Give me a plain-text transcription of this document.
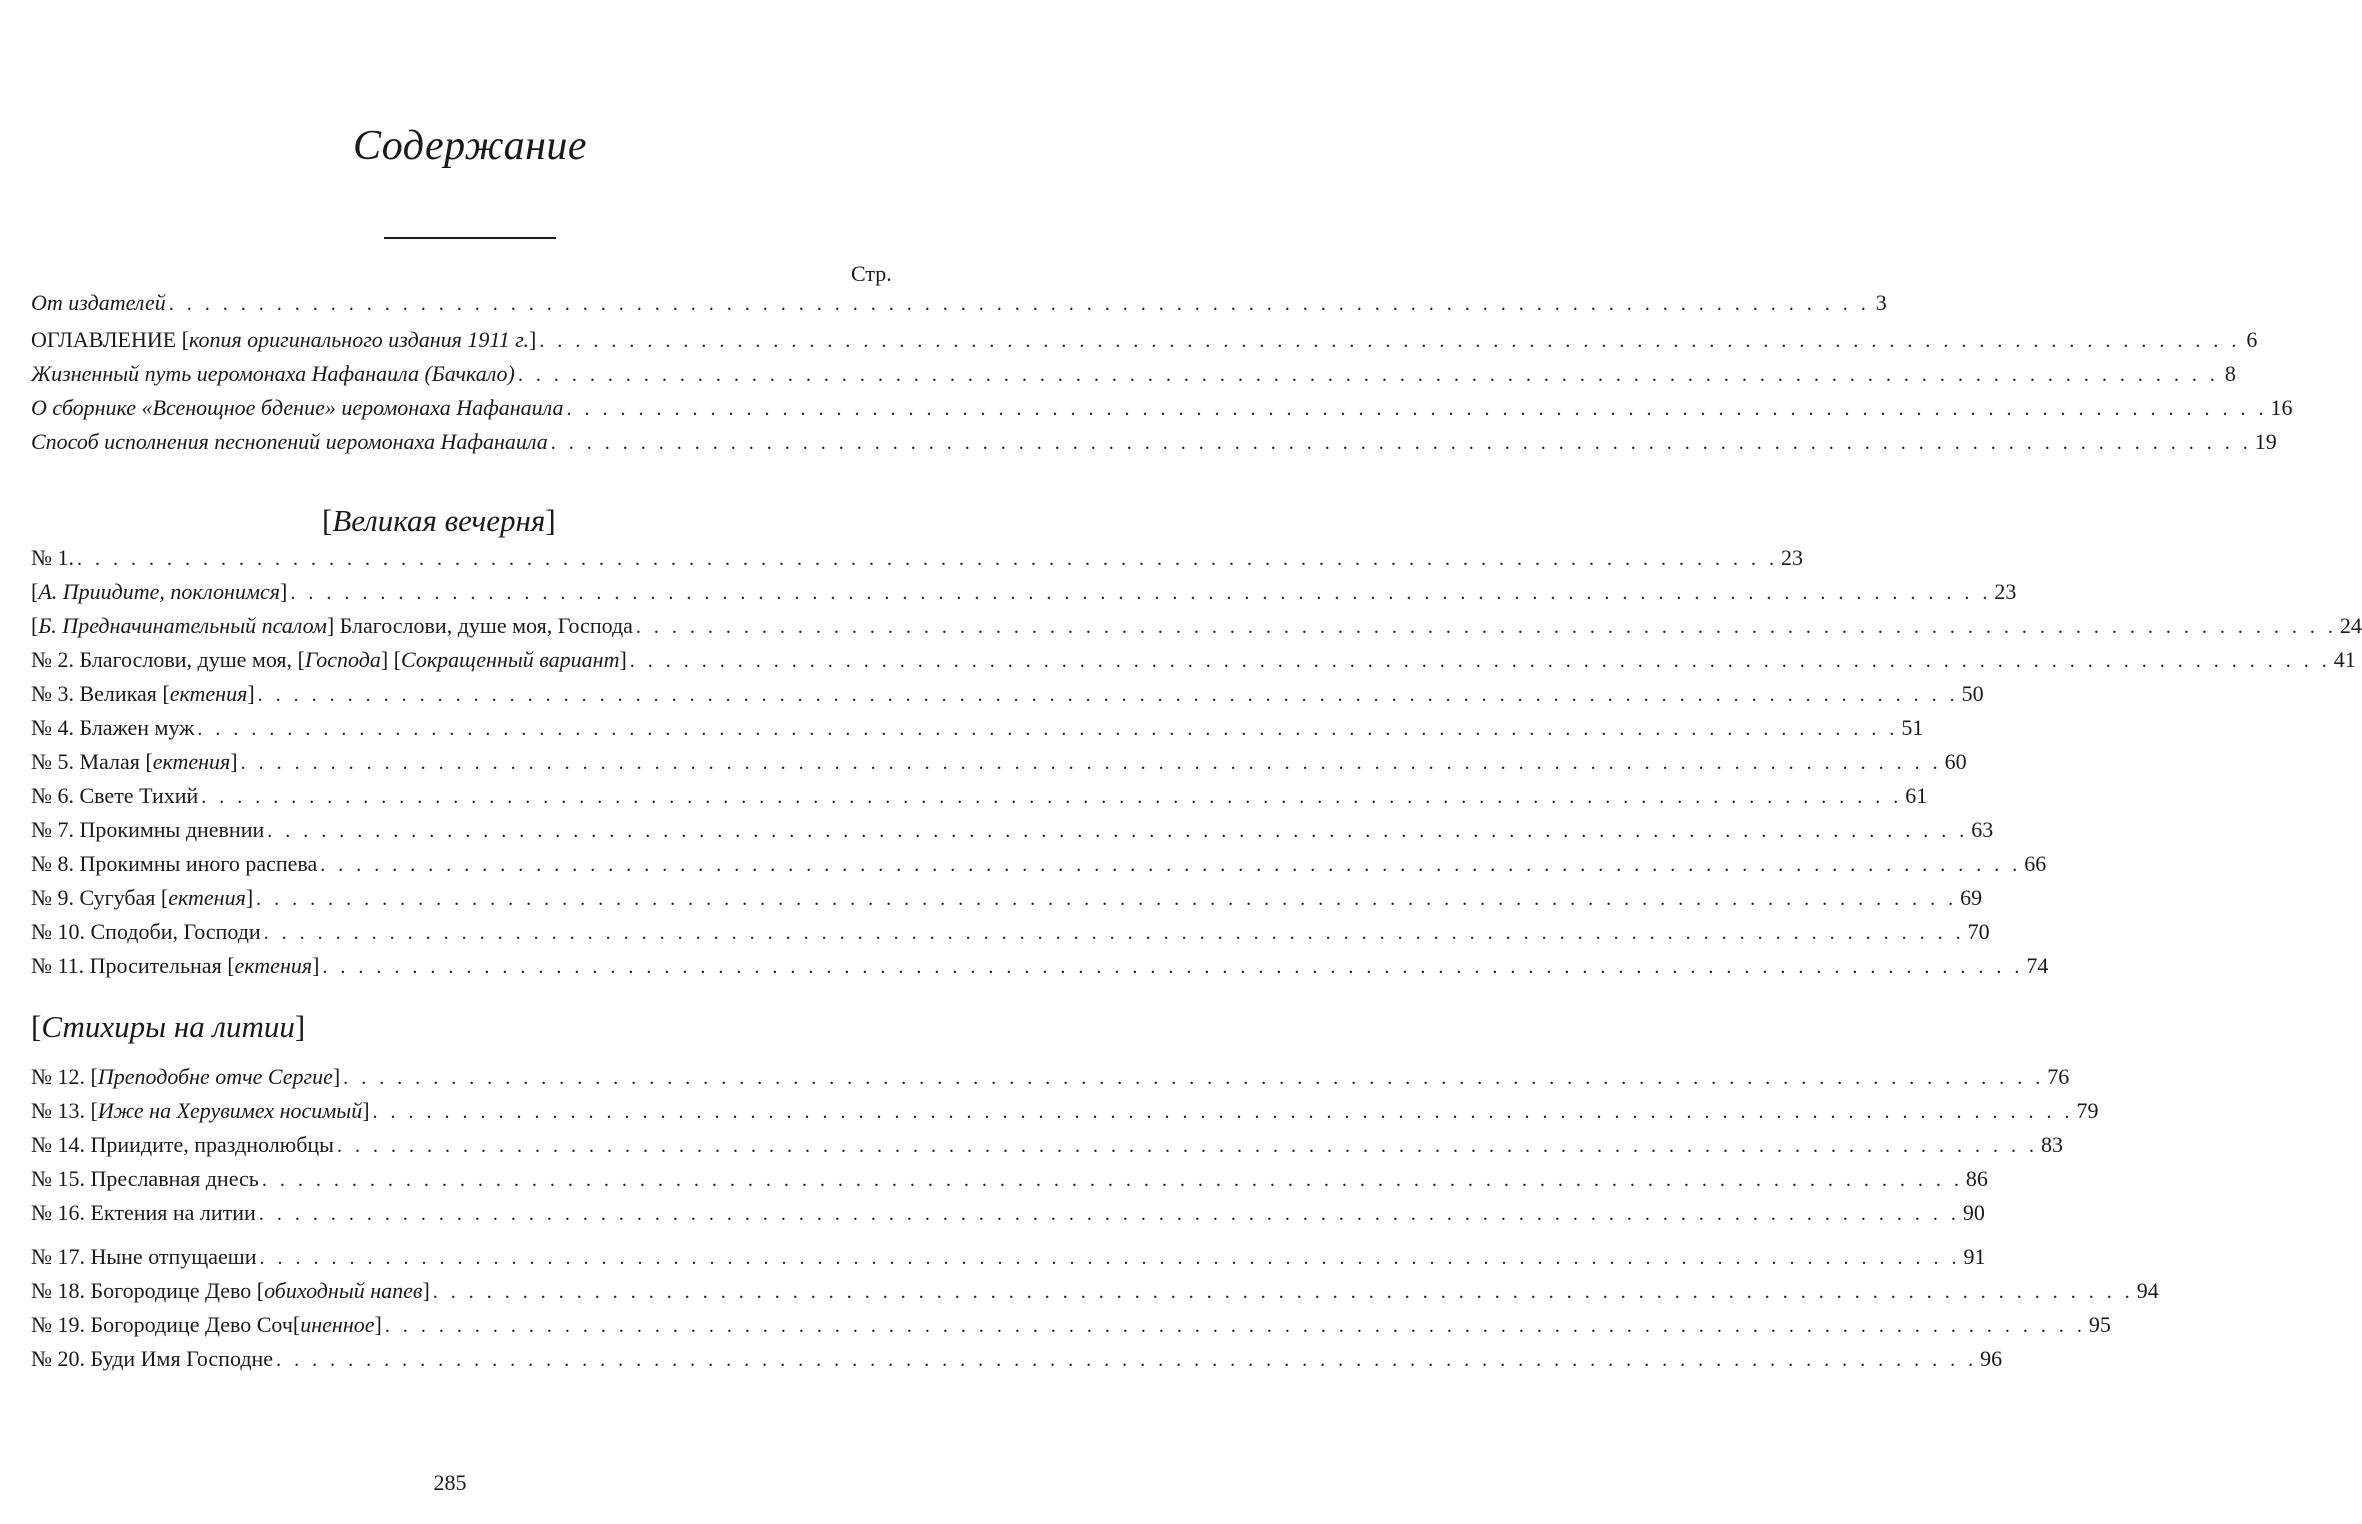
Содержание
Стр.
От издателей . . . . . . . . . . . . . . . . . . . . . . . . . . . . . . . . . . . . . . . . . . . . . . . . . . . . . . . . . . . . . . . . . . . . . . . . . . . . . . . . . . . . . . . . . . . . . . . 3
ОГЛАВЛЕНИЕ [копия оригинального издания 1911 г.] . . . . . . . . . . . . . . . . . . . . . . . . . . . . . . . . . . . . . . . . . . . . . . . . . . . . . . . . . . . . . . . . . . . . . . . . . . . . . . . . . . . . . . . . . . . . . . . 6
Жизненный путь иеромонаха Нафанаила (Бачкало) . . . . . . . . . . . . . . . . . . . . . . . . . . . . . . . . . . . . . . . . . . . . . . . . . . . . . . . . . . . . . . . . . . . . . . . . . . . . . . . . . . . . . . . . . . . . . . . 8
О сборнике «Всенощное бдение» иеромонаха Нафанаила . . . . . . . . . . . . . . . . . . . . . . . . . . . . . . . . . . . . . . . . . . . . . . . . . . . . . . . . . . . . . . . . . . . . . . . . . . . . . . . . . . . . . . . . . . . . . . . 16
Способ исполнения песнопений иеромонаха Нафанаила . . . . . . . . . . . . . . . . . . . . . . . . . . . . . . . . . . . . . . . . . . . . . . . . . . . . . . . . . . . . . . . . . . . . . . . . . . . . . . . . . . . . . . . . . . . . . . . 19
[Великая вечерня]
№ 1. . . . . . . . . . . . . . . . . . . . . . . . . . . . . . . . . . . . . . . . . . . . . . . . . . . . . . . . . . . . . . . . . . . . . . . . . . . . . . . . . . . . . . . . . . . . . . . . 23
[А. Приидите, поклонимся] . . . . . . . . . . . . . . . . . . . . . . . . . . . . . . . . . . . . . . . . . . . . . . . . . . . . . . . . . . . . . . . . . . . . . . . . . . . . . . . . . . . . . . . . . . . . . . . 23
[Б. Предначинательный псалом] Благослови, душе моя, Господа . . . . . . . . . . . . . . . . . . . . . . . . . . . . . . . . . . . . . . . . . . . . . . . . . . . . . . . . . . . . . . . . . . . . . . . . . . . . . . . . . . . . . . . . . . . . . . . 24
№ 2. Благослови, душе моя, [Господа] [Сокращенный вариант] . . . . . . . . . . . . . . . . . . . . . . . . . . . . . . . . . . . . . . . . . . . . . . . . . . . . . . . . . . . . . . . . . . . . . . . . . . . . . . . . . . . . . . . . . . . . . . . 41
№ 3. Великая [ектения] . . . . . . . . . . . . . . . . . . . . . . . . . . . . . . . . . . . . . . . . . . . . . . . . . . . . . . . . . . . . . . . . . . . . . . . . . . . . . . . . . . . . . . . . . . . . . . . 50
№ 4. Блажен муж . . . . . . . . . . . . . . . . . . . . . . . . . . . . . . . . . . . . . . . . . . . . . . . . . . . . . . . . . . . . . . . . . . . . . . . . . . . . . . . . . . . . . . . . . . . . . . . 51
№ 5. Малая [ектения] . . . . . . . . . . . . . . . . . . . . . . . . . . . . . . . . . . . . . . . . . . . . . . . . . . . . . . . . . . . . . . . . . . . . . . . . . . . . . . . . . . . . . . . . . . . . . . . 60
№ 6. Свете Тихий . . . . . . . . . . . . . . . . . . . . . . . . . . . . . . . . . . . . . . . . . . . . . . . . . . . . . . . . . . . . . . . . . . . . . . . . . . . . . . . . . . . . . . . . . . . . . . . 61
№ 7. Прокимны дневнии . . . . . . . . . . . . . . . . . . . . . . . . . . . . . . . . . . . . . . . . . . . . . . . . . . . . . . . . . . . . . . . . . . . . . . . . . . . . . . . . . . . . . . . . . . . . . . . 63
№ 8. Прокимны иного распева . . . . . . . . . . . . . . . . . . . . . . . . . . . . . . . . . . . . . . . . . . . . . . . . . . . . . . . . . . . . . . . . . . . . . . . . . . . . . . . . . . . . . . . . . . . . . . . 66
№ 9. Сугубая [ектения] . . . . . . . . . . . . . . . . . . . . . . . . . . . . . . . . . . . . . . . . . . . . . . . . . . . . . . . . . . . . . . . . . . . . . . . . . . . . . . . . . . . . . . . . . . . . . . . 69
№ 10. Сподоби, Господи . . . . . . . . . . . . . . . . . . . . . . . . . . . . . . . . . . . . . . . . . . . . . . . . . . . . . . . . . . . . . . . . . . . . . . . . . . . . . . . . . . . . . . . . . . . . . . . 70
№ 11. Просительная [ектения] . . . . . . . . . . . . . . . . . . . . . . . . . . . . . . . . . . . . . . . . . . . . . . . . . . . . . . . . . . . . . . . . . . . . . . . . . . . . . . . . . . . . . . . . . . . . . . . 74
[Стихиры на литии]
№ 12. [Преподобне отче Сергие] . . . . . . . . . . . . . . . . . . . . . . . . . . . . . . . . . . . . . . . . . . . . . . . . . . . . . . . . . . . . . . . . . . . . . . . . . . . . . . . . . . . . . . . . . . . . . . . 76
№ 13. [Иже на Херувимех носимый] . . . . . . . . . . . . . . . . . . . . . . . . . . . . . . . . . . . . . . . . . . . . . . . . . . . . . . . . . . . . . . . . . . . . . . . . . . . . . . . . . . . . . . . . . . . . . . . 79
№ 14. Приидите, празднолюбцы . . . . . . . . . . . . . . . . . . . . . . . . . . . . . . . . . . . . . . . . . . . . . . . . . . . . . . . . . . . . . . . . . . . . . . . . . . . . . . . . . . . . . . . . . . . . . . . 83
№ 15. Преславная днесь . . . . . . . . . . . . . . . . . . . . . . . . . . . . . . . . . . . . . . . . . . . . . . . . . . . . . . . . . . . . . . . . . . . . . . . . . . . . . . . . . . . . . . . . . . . . . . . 86
№ 16. Ектения на литии . . . . . . . . . . . . . . . . . . . . . . . . . . . . . . . . . . . . . . . . . . . . . . . . . . . . . . . . . . . . . . . . . . . . . . . . . . . . . . . . . . . . . . . . . . . . . . . 90
№ 17. Ныне отпущаеши . . . . . . . . . . . . . . . . . . . . . . . . . . . . . . . . . . . . . . . . . . . . . . . . . . . . . . . . . . . . . . . . . . . . . . . . . . . . . . . . . . . . . . . . . . . . . . . 91
№ 18. Богородице Дево [обиходный напев] . . . . . . . . . . . . . . . . . . . . . . . . . . . . . . . . . . . . . . . . . . . . . . . . . . . . . . . . . . . . . . . . . . . . . . . . . . . . . . . . . . . . . . . . . . . . . . . 94
№ 19. Богородице Дево Соч[иненное] . . . . . . . . . . . . . . . . . . . . . . . . . . . . . . . . . . . . . . . . . . . . . . . . . . . . . . . . . . . . . . . . . . . . . . . . . . . . . . . . . . . . . . . . . . . . . . . 95
№ 20. Буди Имя Господне . . . . . . . . . . . . . . . . . . . . . . . . . . . . . . . . . . . . . . . . . . . . . . . . . . . . . . . . . . . . . . . . . . . . . . . . . . . . . . . . . . . . . . . . . . . . . . . 96
285
